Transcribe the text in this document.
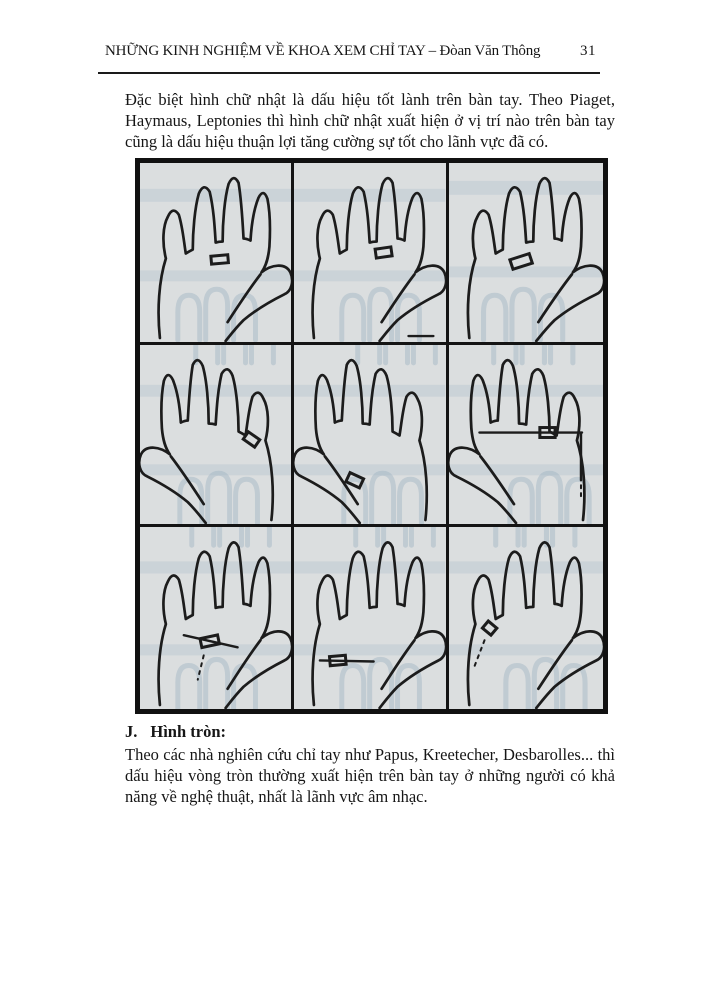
NHỮNG KINH NGHIỆM VỀ KHOA XEM CHỈ TAY – Đòan Văn Thông	31

Đặc biệt hình chữ nhật là dấu hiệu tốt lành trên bàn tay. Theo Piaget, Haymaus, Leptonies thì hình chữ nhật xuất hiện ở vị trí nào trên bàn tay cũng là dấu hiệu thuận lợi tăng cường sự tốt cho lãnh vực đã có.

J. Hình tròn:

Theo các nhà nghiên cứu chỉ tay như Papus, Kreetecher, Desbarolles... thì dấu hiệu vòng tròn thường xuất hiện trên bàn tay ở những người có khả năng về nghệ thuật, nhất là lãnh vực âm nhạc.
